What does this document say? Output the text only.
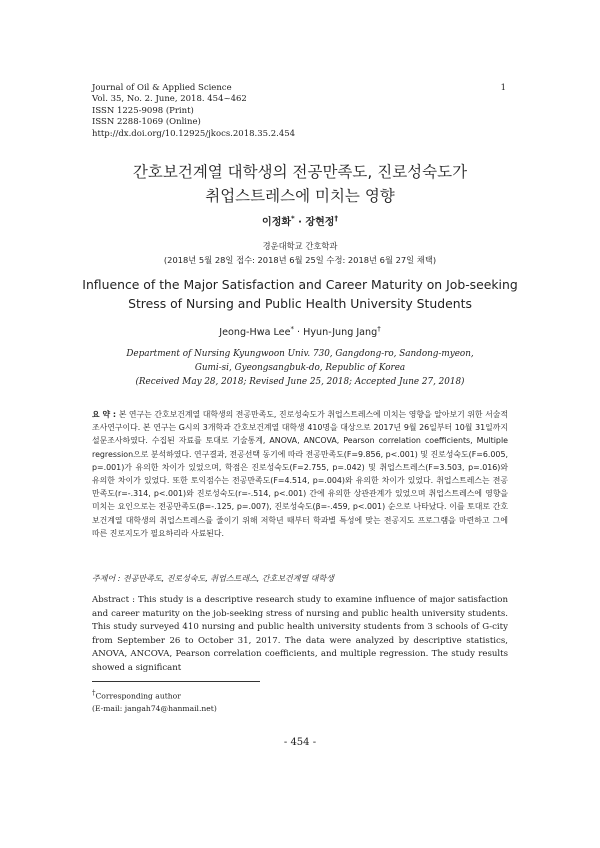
Journal of Oil & Applied Science
Vol. 35, No. 2. June, 2018. 454~462
ISSN 1225-9098 (Print)
ISSN 2288-1069 (Online)
http://dx.doi.org/10.12925/jkocs.2018.35.2.454
1
간호보건계열 대학생의 전공만족도, 진로성숙도가
취업스트레스에 미치는 영향
이정화* · 장현정†
경운대학교 간호학과
(2018년 5월 28일 접수: 2018년 6월 25일 수정: 2018년 6월 27일 채택)
Influence of the Major Satisfaction and Career Maturity on Job-seeking
Stress of Nursing and Public Health University Students
Jeong-Hwa Lee* · Hyun-Jung Jang†
Department of Nursing Kyungwoon Univ. 730, Gangdong-ro, Sandong-myeon,
Gumi-si, Gyeongsangbuk-do, Republic of Korea
(Received May 28, 2018; Revised June 25, 2018; Accepted June 27, 2018)
요 약 : 본 연구는 간호보건계열 대학생의 전공만족도, 진로성숙도가 취업스트레스에 미치는 영향을 알아보기 위한 서술적 조사연구이다. 본 연구는 G시의 3개학과 간호보건계열 대학생 410명을 대상으로 2017년 9월 26일부터 10월 31일까지 설문조사하였다. 수집된 자료를 토대로 기술통계, ANOVA, ANCOVA, Pearson correlation coefficients, Multiple regression으로 분석하였다. 연구결과, 전공선택 동기에 따라 전공만족도(F=9.856, p<.001) 및 진로성숙도(F=6.005, p=.001)가 유의한 차이가 있었으며, 학점은 진로성숙도(F=2.755, p=.042) 및 취업스트레스(F=3.503, p=.016)와 유의한 차이가 있었다. 또한 토익점수는 전공만족도(F=4.514, p=.004)와 유의한 차이가 있었다. 취업스트레스는 전공만족도(r=-.314, p<.001)와 진로성숙도(r=-.514, p<.001) 간에 유의한 상관관계가 있었으며 취업스트레스에 영향을 미치는 요인으로는 전공만족도(β=-.125, p=.007), 진로성숙도(β=-.459, p<.001) 순으로 나타났다. 이를 토대로 간호보건계열 대학생의 취업스트레스를 줄이기 위해 저학년 때부터 학과별 특성에 맞는 전공지도 프로그램을 마련하고 그에 따른 진로지도가 필요하리라 사료된다.
주제어 : 전공만족도, 진로성숙도, 취업스트레스, 간호보건계열 대학생
Abstract : This study is a descriptive research study to examine influence of major satisfaction and career maturity on the job-seeking stress of nursing and public health university students. This study surveyed 410 nursing and public health university students from 3 schools of G-city from September 26 to October 31, 2017. The data were analyzed by descriptive statistics, ANOVA, ANCOVA, Pearson correlation coefficients, and multiple regression. The study results showed a significant
†Corresponding author
(E-mail: jangah74@hanmail.net)
- 454 -
